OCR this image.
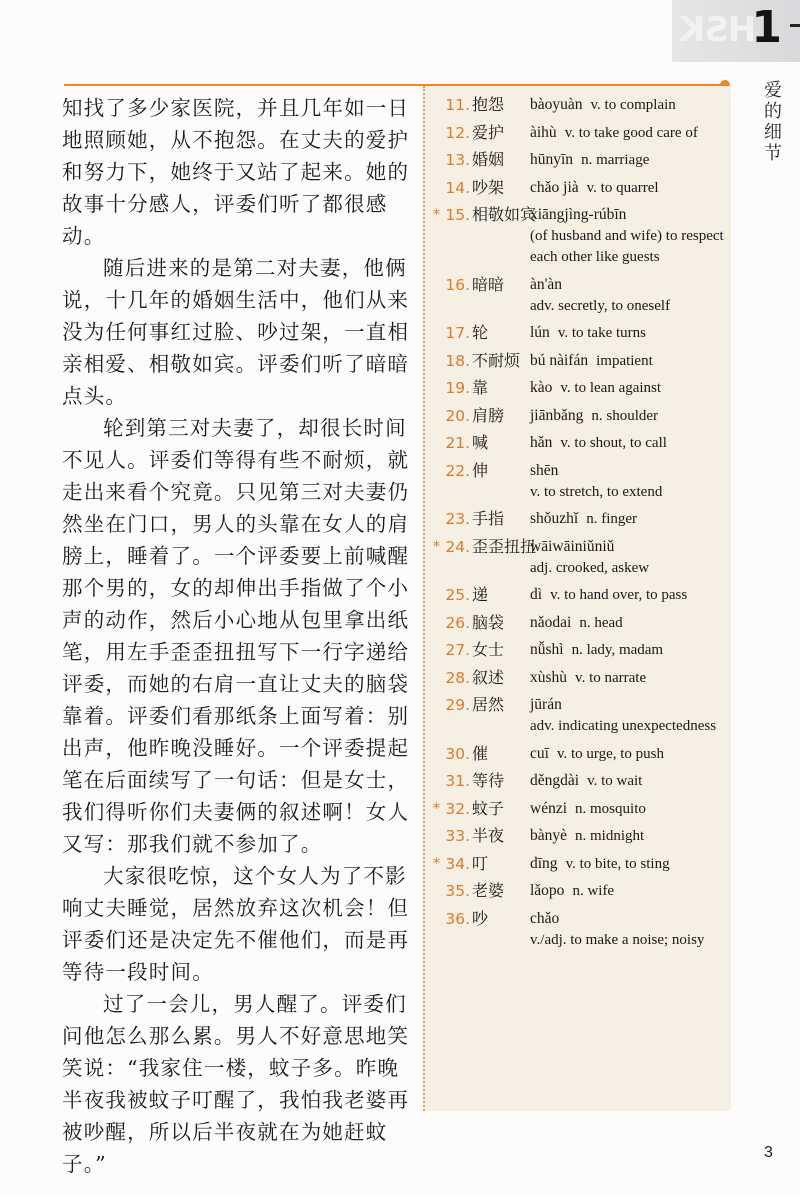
HSK
1
爱
的
细
节

知找了多少家医院，并且几年如一日地照顾她，从不抱怨。在丈夫的爱护和努力下，她终于又站了起来。她的故事十分感人，评委们听了都很感动。

随后进来的是第二对夫妻，他俩说，十几年的婚姻生活中，他们从来没为任何事红过脸、吵过架，一直相亲相爱、相敬如宾。评委们听了暗暗点头。

轮到第三对夫妻了，却很长时间不见人。评委们等得有些不耐烦，就走出来看个究竟。只见第三对夫妻仍然坐在门口，男人的头靠在女人的肩膀上，睡着了。一个评委要上前喊醒那个男的，女的却伸出手指做了个小声的动作，然后小心地从包里拿出纸笔，用左手歪歪扭扭写下一行字递给评委，而她的右肩一直让丈夫的脑袋靠着。评委们看那纸条上面写着：别出声，他昨晚没睡好。一个评委提起笔在后面续写了一句话：但是女士，我们得听你们夫妻俩的叙述啊！女人又写：那我们就不参加了。

大家很吃惊，这个女人为了不影响丈夫睡觉，居然放弃这次机会！但评委们还是决定先不催他们，而是再等待一段时间。

过了一会儿，男人醒了。评委们问他怎么那么累。男人不好意思地笑笑说：“我家住一楼，蚊子多。昨晚半夜我被蚊子叮醒了，我怕我老婆再被吵醒，所以后半夜就在为她赶蚊子。”

11. 抱怨	bàoyuàn v. to complain
12. 爱护	àihù v. to take good care of
13. 婚姻	hūnyīn n. marriage
14. 吵架	chǎo jià v. to quarrel
* 15. 相敬如宾
xiāngjìng-rúbīn
(of husband and wife) to respect each other like guests
16. 暗暗	àn'àn
adv. secretly, to oneself
17. 轮	lún v. to take turns
18. 不耐烦 bú nàifán impatient
19. 靠	kào v. to lean against
20. 肩膀	jiānbǎng n. shoulder
21. 喊	hǎn v. to shout, to call
22. 伸	shēn
v. to stretch, to extend
23. 手指	shǒuzhǐ n. finger
* 24. 歪歪扭扭
wāiwāiniǔniǔ
adj. crooked, askew
25. 递	dì v. to hand over, to pass
26. 脑袋	nǎodai n. head
27. 女士	nǚshì n. lady, madam
28. 叙述	xùshù v. to narrate
29. 居然	jūrán
adv. indicating unexpectedness
30. 催	cuī v. to urge, to push
31. 等待	děngdài v. to wait
* 32. 蚊子	wénzi n. mosquito
33. 半夜	bànyè n. midnight
* 34. 叮	dīng v. to bite, to sting
35. 老婆	lǎopo n. wife
36. 吵	chǎo
v./adj. to make a noise; noisy
3
